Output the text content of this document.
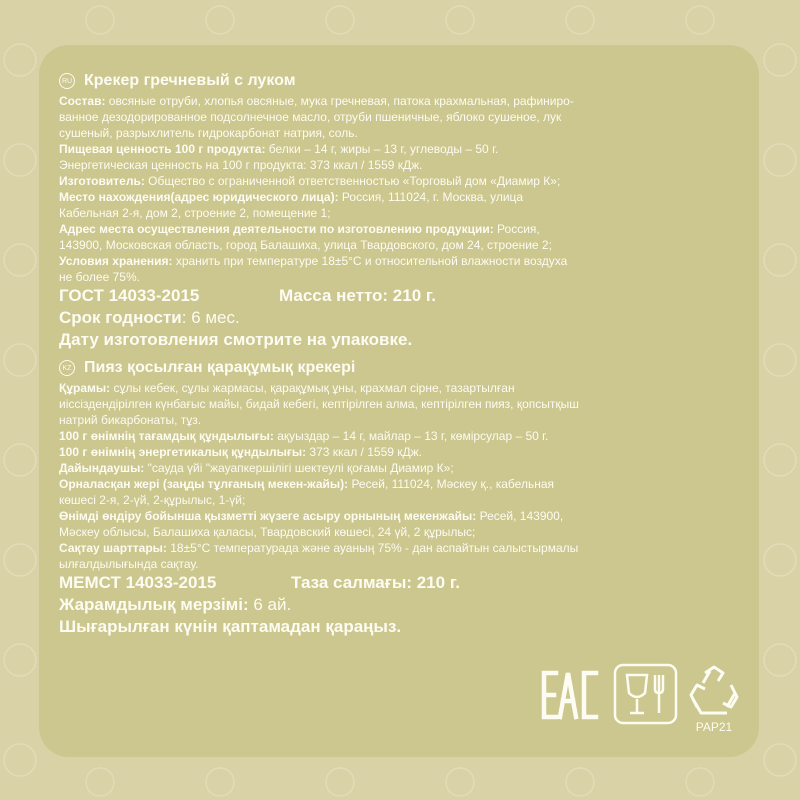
RU Крекер гречневый с луком

Состав: овсяные отруби, хлопья овсяные, мука гречневая, патока крахмальная, рафиниро-

ванное дезодорированное подсолнечное масло, отруби пшеничные, яблоко сушеное, лук

сушеный, разрыхлитель гидрокарбонат натрия, соль.

Пищевая ценность 100 г продукта: белки – 14 г, жиры – 13 г, углеводы – 50 г.

Энергетическая ценность на 100 г продукта: 373 ккал / 1559 кДж.

Изготовитель: Общество с ограниченной ответственностью «Торговый дом «Диамир К»;

Место нахождения(адрес юридического лица): Россия, 111024, г. Москва, улица

Кабельная 2-я, дом 2, строение 2, помещение 1;

Адрес места осуществления деятельности по изготовлению продукции: Россия,

143900, Московская область, город Балашиха, улица Твардовского, дом 24, строение 2;

Условия хранения: хранить при температуре 18±5°С и относительной влажности воздуха

не более 75%.

ГОСТ 14033-2015	Масса нетто: 210 г.
Срок годности: 6 мес.
Дату изготовления смотрите на упаковке.
KZ Пияз қосылған қарақұмық крекері

Құрамы: сұлы кебек, сұлы жармасы, қарақұмық ұны, крахмал сірне, тазартылған

иіссіздендірілген күнбағыс майы, бидай кебегі, кептірілген алма, кептірілген пияз, қопсытқыш

натрий бикарбонаты, тұз.

100 г өнімнің тағамдық құндылығы: ақуыздар – 14 г, майлар – 13 г, көмірсулар – 50 г.

100 г өнімнің энергетикалық құндылығы: 373 ккал / 1559 кДж.

Дайындаушы: "сауда үйі "жауапкершілігі шектеулі қоғамы Диамир К»;

Орналасқан жері (заңды тұлғаның мекен-жайы): Ресей, 111024, Мәскеу қ., кабельная

көшесі 2-я, 2-үй, 2-құрылыс, 1-үй;

Өнімді өндіру бойынша қызметті жүзеге асыру орнының мекенжайы: Ресей, 143900,

Мәскеу облысы, Балашиха қаласы, Твардовский көшесі, 24 үй, 2 құрылыс;

Сақтау шарттары: 18±5°С температурада және ауаның 75% - дан аспайтын салыстырмалы

ылғалдылығында сақтау.

МЕМСТ 14033-2015	Таза салмағы: 210 г.
Жарамдылық мерзімі: 6 ай.
Шығарылған күнін қаптамадан қараңыз.
PAP21
